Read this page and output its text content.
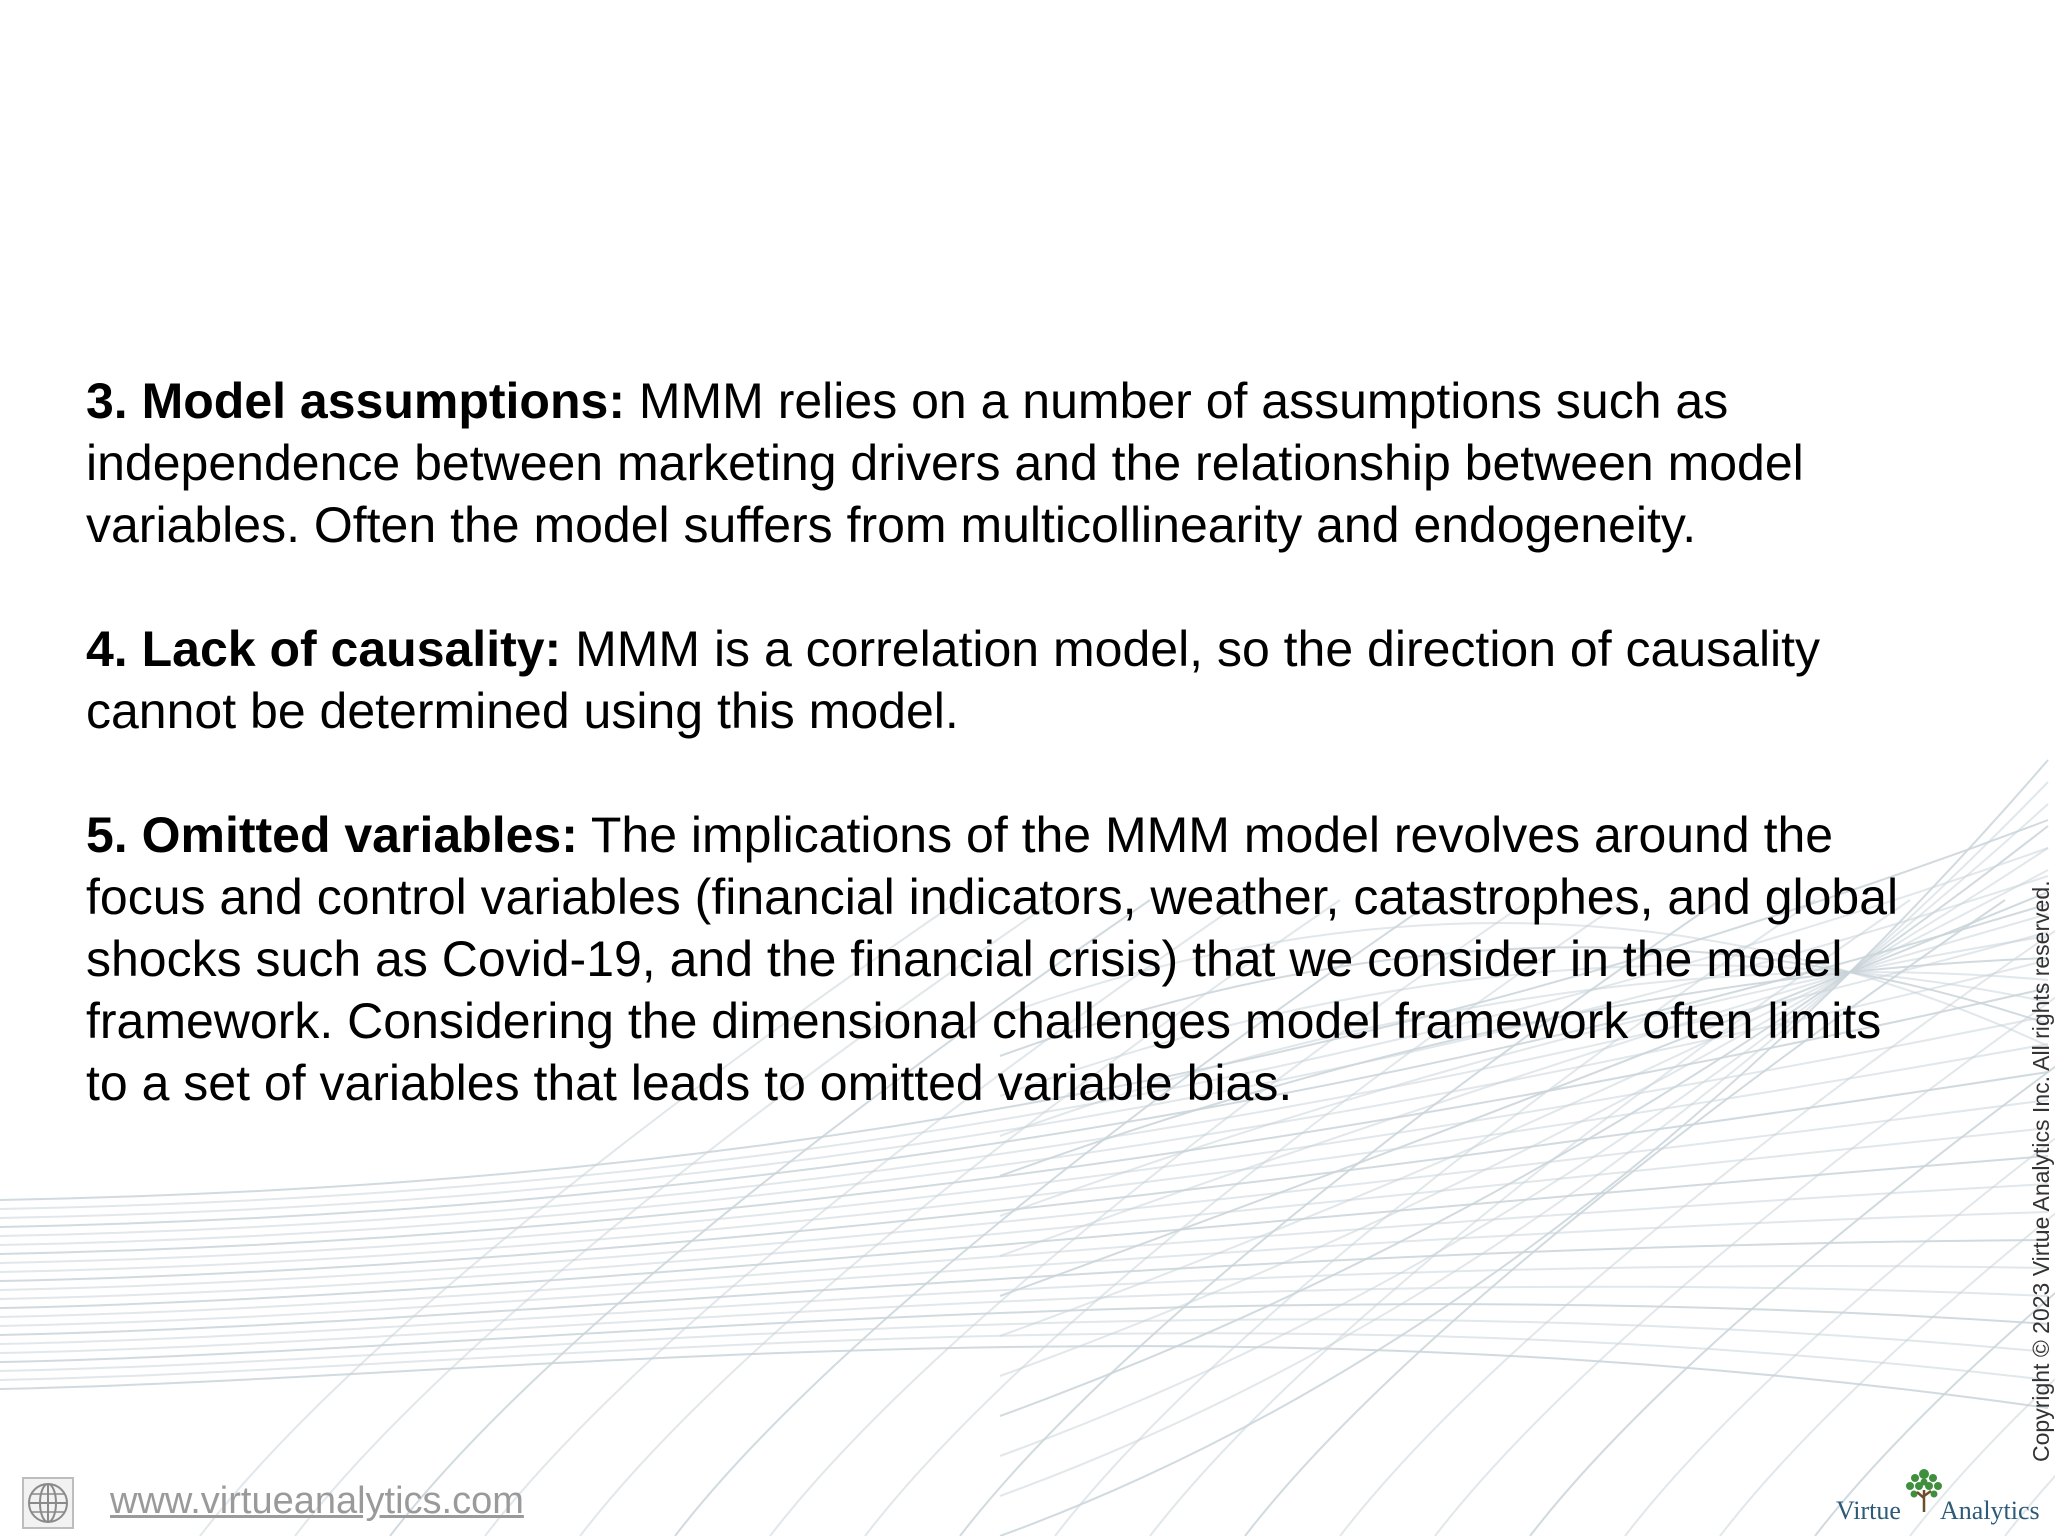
3. Model assumptions: MMM relies on a number of assumptions such as
independence between marketing drivers and the relationship between model
variables. Often the model suffers from multicollinearity and endogeneity.

4. Lack of causality: MMM is a correlation model, so the direction of causality
cannot be determined using this model.

5. Omitted variables: The implications of the MMM model revolves around the
focus and control variables (financial indicators, weather, catastrophes, and global
shocks such as Covid-19, and the financial crisis) that we consider in the model
framework. Considering the dimensional challenges model framework often limits
to a set of variables that leads to omitted variable bias.	Copyright © 2023 Virtue Analytics Inc. All rights reserved.
www.virtueanalytics.com	Virtue Analytics
